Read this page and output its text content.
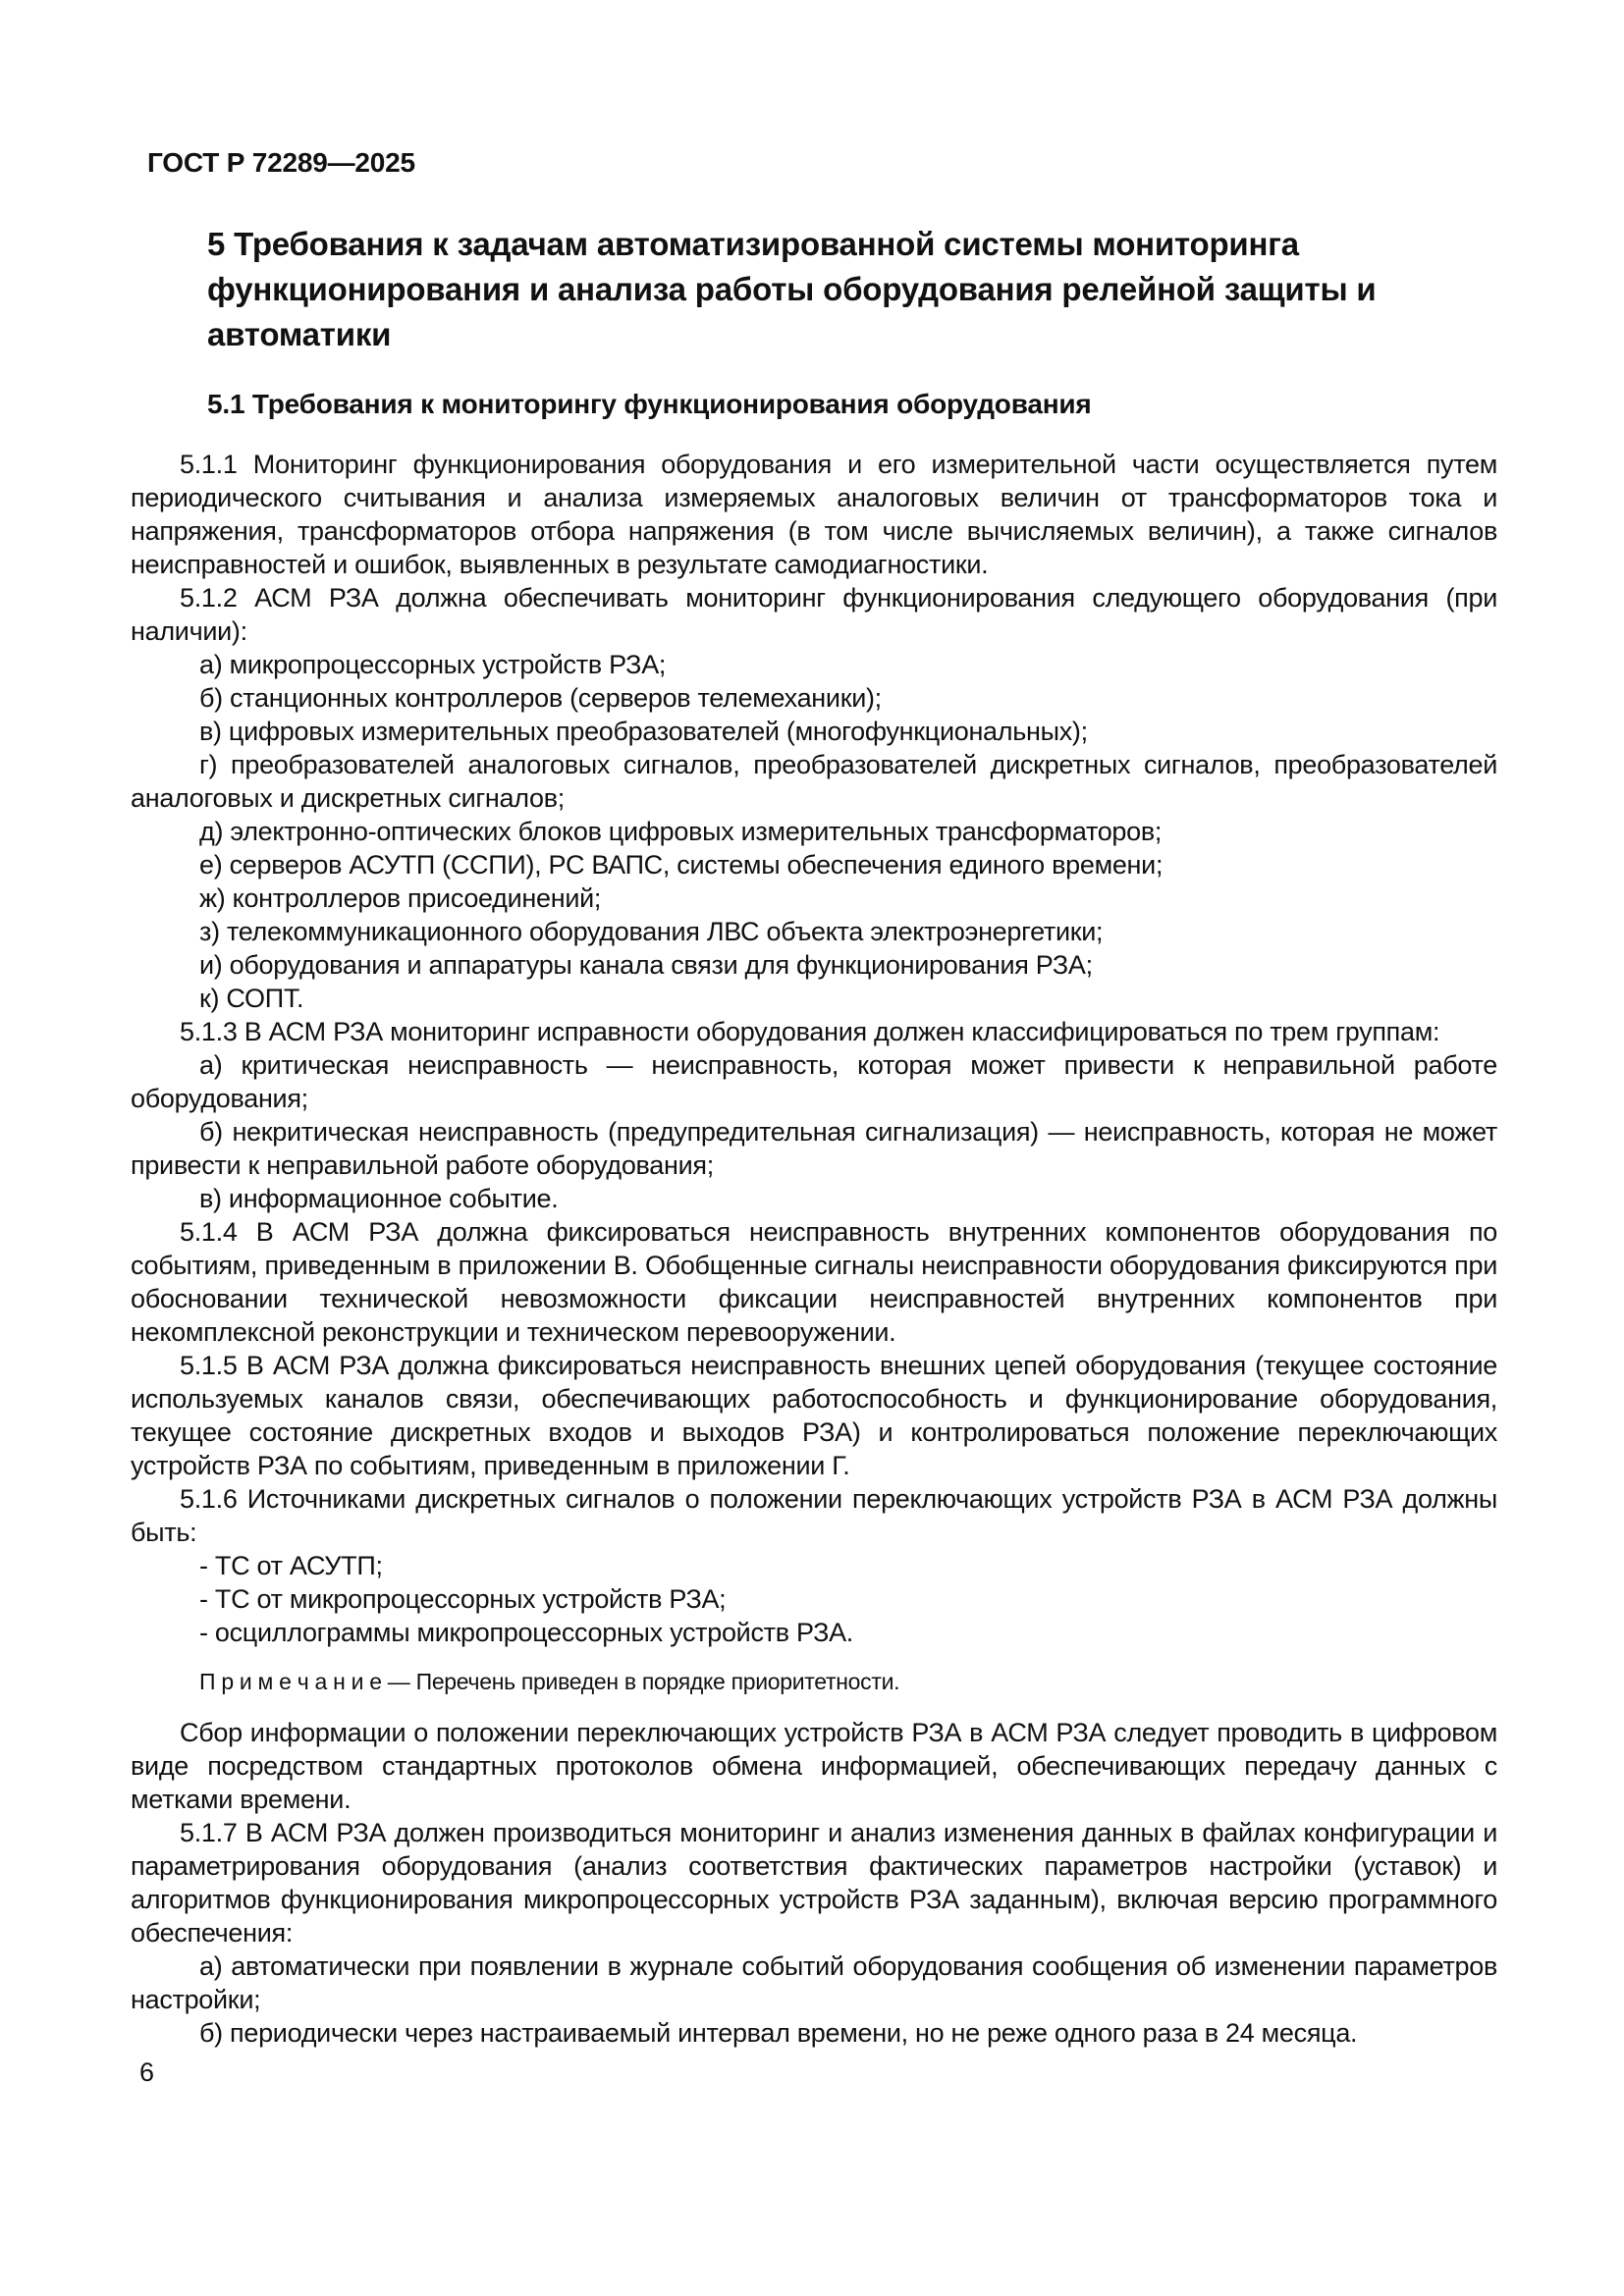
ГОСТ Р 72289—2025
5 Требования к задачам автоматизированной системы мониторинга функционирования и анализа работы оборудования релейной защиты и автоматики
5.1 Требования к мониторингу функционирования оборудования

5.1.1 Мониторинг функционирования оборудования и его измерительной части осуществляется путем периодического считывания и анализа измеряемых аналоговых величин от трансформаторов тока и напряжения, трансформаторов отбора напряжения (в том числе вычисляемых величин), а также сигналов неисправностей и ошибок, выявленных в результате самодиагностики.

5.1.2 АСМ РЗА должна обеспечивать мониторинг функционирования следующего оборудования (при наличии):

а) микропроцессорных устройств РЗА;

б) станционных контроллеров (серверов телемеханики);

в) цифровых измерительных преобразователей (многофункциональных);

г) преобразователей аналоговых сигналов, преобразователей дискретных сигналов, преобразователей аналоговых и дискретных сигналов;

д) электронно-оптических блоков цифровых измерительных трансформаторов;

е) серверов АСУТП (ССПИ), РС ВАПС, системы обеспечения единого времени;

ж) контроллеров присоединений;

з) телекоммуникационного оборудования ЛВС объекта электроэнергетики;

и) оборудования и аппаратуры канала связи для функционирования РЗА;

к) СОПТ.

5.1.3 В АСМ РЗА мониторинг исправности оборудования должен классифицироваться по трем группам:

а) критическая неисправность — неисправность, которая может привести к неправильной работе оборудования;

б) некритическая неисправность (предупредительная сигнализация) — неисправность, которая не может привести к неправильной работе оборудования;

в) информационное событие.

5.1.4 В АСМ РЗА должна фиксироваться неисправность внутренних компонентов оборудования по событиям, приведенным в приложении В. Обобщенные сигналы неисправности оборудования фиксируются при обосновании технической невозможности фиксации неисправностей внутренних компонентов при некомплексной реконструкции и техническом перевооружении.

5.1.5 В АСМ РЗА должна фиксироваться неисправность внешних цепей оборудования (текущее состояние используемых каналов связи, обеспечивающих работоспособность и функционирование оборудования, текущее состояние дискретных входов и выходов РЗА) и контролироваться положение переключающих устройств РЗА по событиям, приведенным в приложении Г.

5.1.6 Источниками дискретных сигналов о положении переключающих устройств РЗА в АСМ РЗА должны быть:

- ТС от АСУТП;

- ТС от микропроцессорных устройств РЗА;

- осциллограммы микропроцессорных устройств РЗА.

П р и м е ч а н и е — Перечень приведен в порядке приоритетности.

Сбор информации о положении переключающих устройств РЗА в АСМ РЗА следует проводить в цифровом виде посредством стандартных протоколов обмена информацией, обеспечивающих передачу данных с метками времени.

5.1.7 В АСМ РЗА должен производиться мониторинг и анализ изменения данных в файлах конфигурации и параметрирования оборудования (анализ соответствия фактических параметров настройки (уставок) и алгоритмов функционирования микропроцессорных устройств РЗА заданным), включая версию программного обеспечения:

а) автоматически при появлении в журнале событий оборудования сообщения об изменении параметров настройки;

б) периодически через настраиваемый интервал времени, но не реже одного раза в 24 месяца.

6
